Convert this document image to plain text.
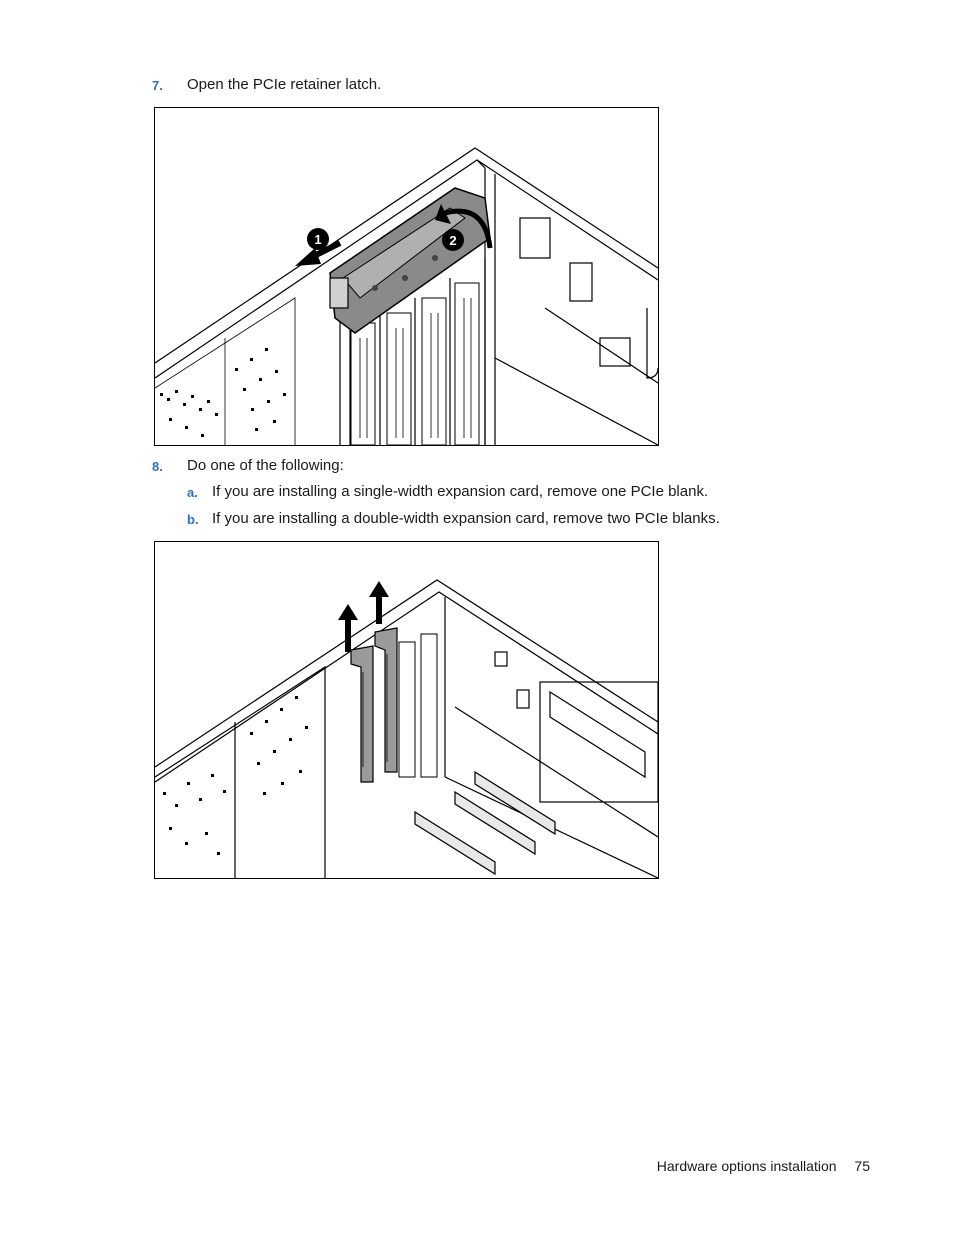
7. Open the PCIe retainer latch.
1	2
8. Do one of the following:
a. If you are installing a single-width expansion card, remove one PCIe blank.
b. If you are installing a double-width expansion card, remove two PCIe blanks.
Hardware options installation 75
